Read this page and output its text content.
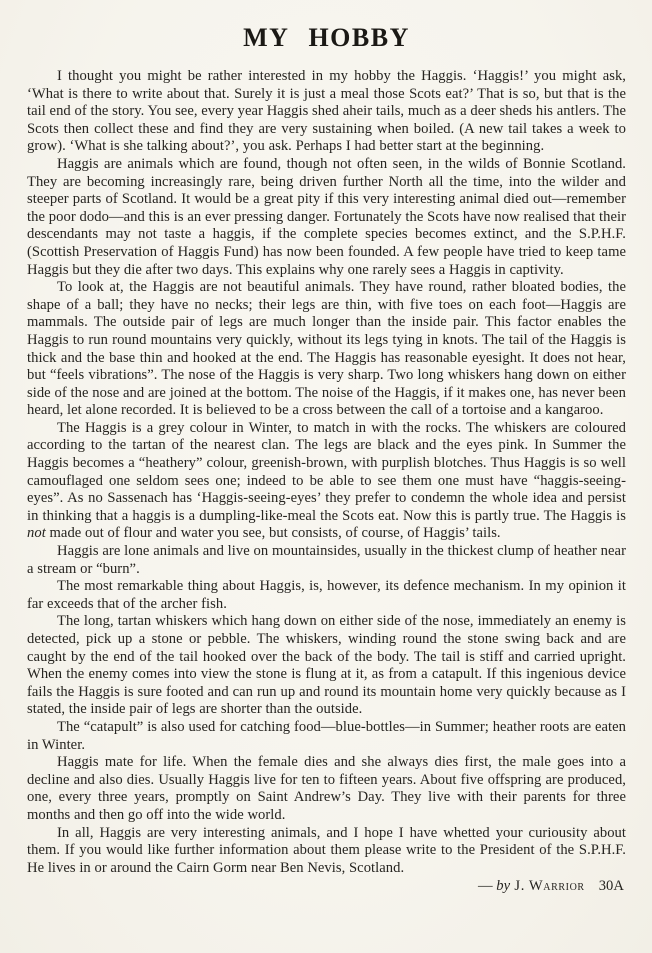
MY HOBBY

I thought you might be rather interested in my hobby the Haggis. ‘Haggis!’ you might ask, ‘What is there to write about that. Surely it is just a meal those Scots eat?’ That is so, but that is the tail end of the story. You see, every year Haggis shed aheir tails, much as a deer sheds his antlers. The Scots then collect these and find they are very sustaining when boiled. (A new tail takes a week to grow). ‘What is she talking about?’, you ask. Perhaps I had better start at the beginning.

Haggis are animals which are found, though not often seen, in the wilds of Bonnie Scotland. They are becoming increasingly rare, being driven further North all the time, into the wilder and steeper parts of Scotland. It would be a great pity if this very interesting animal died out—remember the poor dodo—and this is an ever pressing danger. Fortunately the Scots have now realised that their descendants may not taste a haggis, if the complete species becomes extinct, and the S.P.H.F. (Scottish Preservation of Haggis Fund) has now been founded. A few people have tried to keep tame Haggis but they die after two days. This explains why one rarely sees a Haggis in captivity.

To look at, the Haggis are not beautiful animals. They have round, rather bloated bodies, the shape of a ball; they have no necks; their legs are thin, with five toes on each foot—Haggis are mammals. The outside pair of legs are much longer than the inside pair. This factor enables the Haggis to run round mountains very quickly, without its legs tying in knots. The tail of the Haggis is thick and the base thin and hooked at the end. The Haggis has reasonable eyesight. It does not hear, but “feels vibrations”. The nose of the Haggis is very sharp. Two long whiskers hang down on either side of the nose and are joined at the bottom. The noise of the Haggis, if it makes one, has never been heard, let alone recorded. It is believed to be a cross between the call of a tortoise and a kangaroo.

The Haggis is a grey colour in Winter, to match in with the rocks. The whiskers are coloured according to the tartan of the nearest clan. The legs are black and the eyes pink. In Summer the Haggis becomes a “heathery” colour, greenish-brown, with purplish blotches. Thus Haggis is so well camouflaged one seldom sees one; indeed to be able to see them one must have “haggis-seeing-eyes”. As no Sassenach has ‘Haggis-seeing-eyes’ they prefer to condemn the whole idea and persist in thinking that a haggis is a dumpling-like-meal the Scots eat. Now this is partly true. The Haggis is not made out of flour and water you see, but consists, of course, of Haggis’ tails.

Haggis are lone animals and live on mountainsides, usually in the thickest clump of heather near a stream or “burn”.

The most remarkable thing about Haggis, is, however, its defence mechanism. In my opinion it far exceeds that of the archer fish.

The long, tartan whiskers which hang down on either side of the nose, immediately an enemy is detected, pick up a stone or pebble. The whiskers, winding round the stone swing back and are caught by the end of the tail hooked over the back of the body. The tail is stiff and carried upright. When the enemy comes into view the stone is flung at it, as from a catapult. If this ingenious device fails the Haggis is sure footed and can run up and round its mountain home very quickly because as I stated, the inside pair of legs are shorter than the outside.

The “catapult” is also used for catching food—blue-bottles—in Summer; heather roots are eaten in Winter.

Haggis mate for life. When the female dies and she always dies first, the male goes into a decline and also dies. Usually Haggis live for ten to fifteen years. About five offspring are produced, one, every three years, promptly on Saint Andrew’s Day. They live with their parents for three months and then go off into the wide world.

In all, Haggis are very interesting animals, and I hope I have whetted your curiousity about them. If you would like further information about them please write to the President of the S.P.H.F. He lives in or around the Cairn Gorm near Ben Nevis, Scotland.

— by J. Warrior 30A
